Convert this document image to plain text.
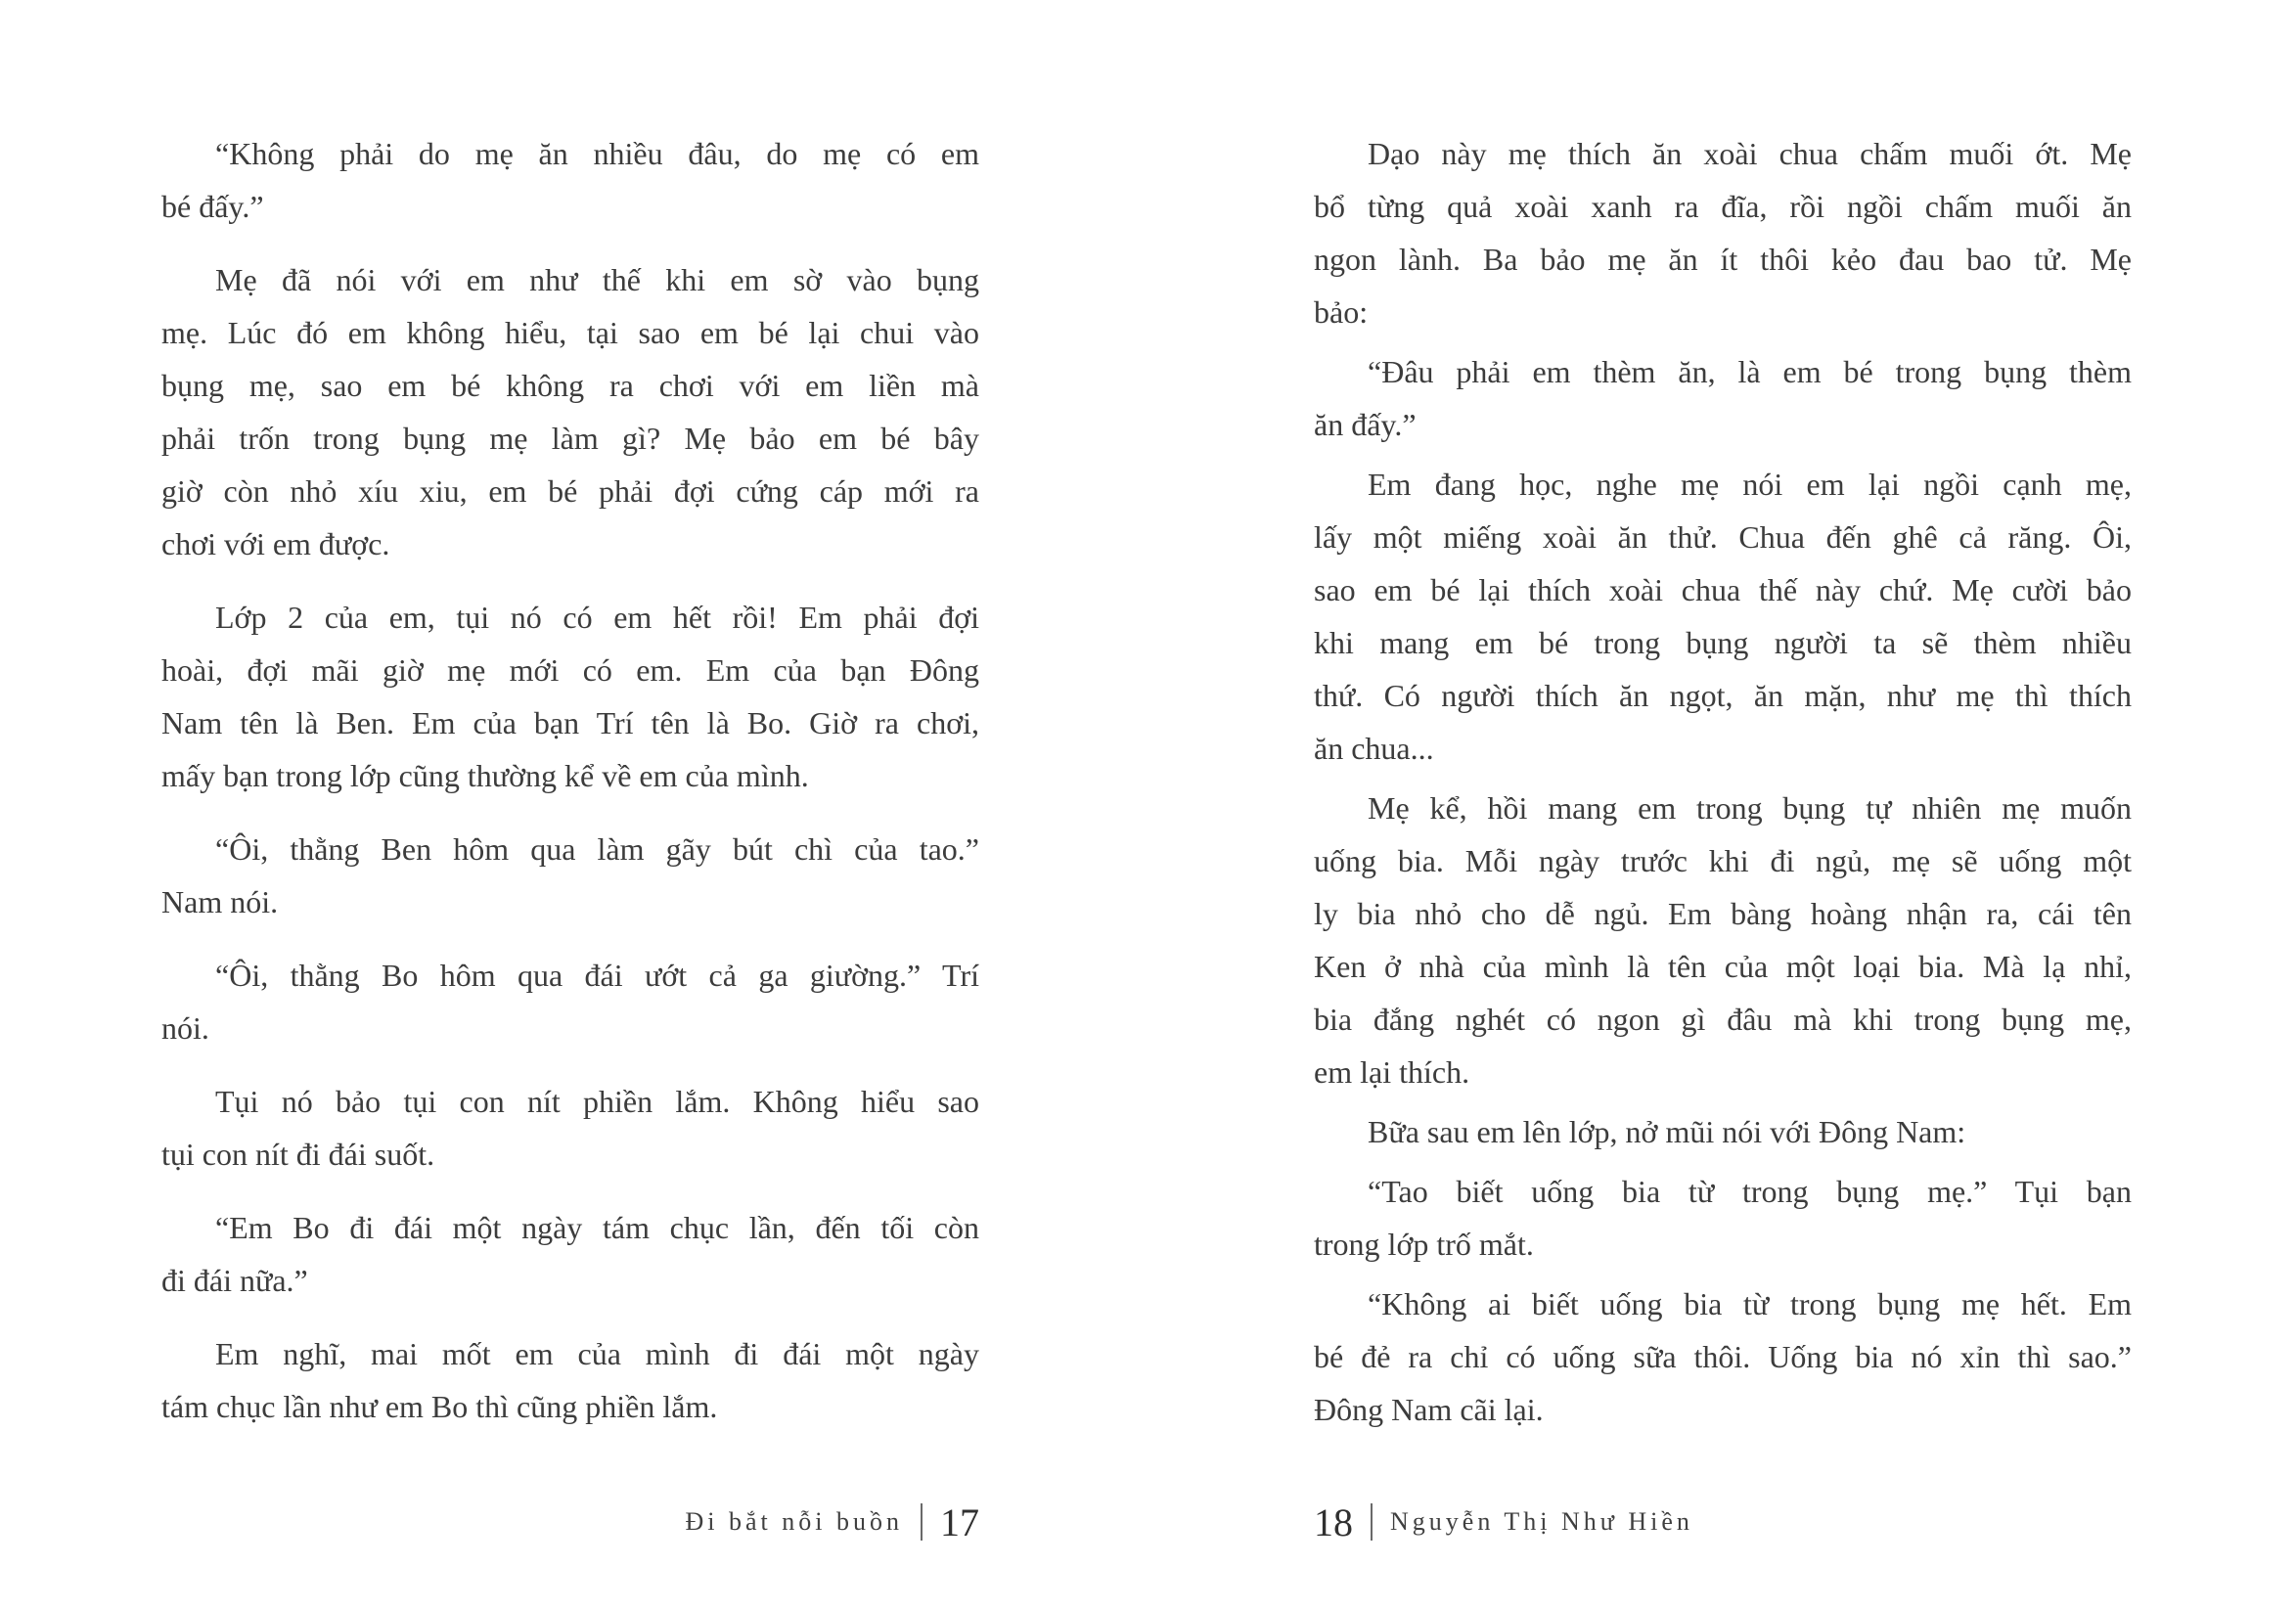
“Không phải do mẹ ăn nhiều đâu, do mẹ có em
bé đấy.”
Mẹ đã nói với em như thế khi em sờ vào bụng
mẹ. Lúc đó em không hiểu, tại sao em bé lại chui vào
bụng mẹ, sao em bé không ra chơi với em liền mà
phải trốn trong bụng mẹ làm gì? Mẹ bảo em bé bây
giờ còn nhỏ xíu xiu, em bé phải đợi cứng cáp mới ra
chơi với em được.
Lớp 2 của em, tụi nó có em hết rồi! Em phải đợi
hoài, đợi mãi giờ mẹ mới có em. Em của bạn Đông
Nam tên là Ben. Em của bạn Trí tên là Bo. Giờ ra chơi,
mấy bạn trong lớp cũng thường kể về em của mình.
“Ôi, thằng Ben hôm qua làm gãy bút chì của tao.”
Nam nói.
“Ôi, thằng Bo hôm qua đái ướt cả ga giường.” Trí
nói.
Tụi nó bảo tụi con nít phiền lắm. Không hiểu sao
tụi con nít đi đái suốt.
“Em Bo đi đái một ngày tám chục lần, đến tối còn
đi đái nữa.”
Em nghĩ, mai mốt em của mình đi đái một ngày
tám chục lần như em Bo thì cũng phiền lắm.
Dạo này mẹ thích ăn xoài chua chấm muối ớt. Mẹ
bổ từng quả xoài xanh ra đĩa, rồi ngồi chấm muối ăn
ngon lành. Ba bảo mẹ ăn ít thôi kẻo đau bao tử. Mẹ
bảo:
“Đâu phải em thèm ăn, là em bé trong bụng thèm
ăn đấy.”
Em đang học, nghe mẹ nói em lại ngồi cạnh mẹ,
lấy một miếng xoài ăn thử. Chua đến ghê cả răng. Ôi,
sao em bé lại thích xoài chua thế này chứ. Mẹ cười bảo
khi mang em bé trong bụng người ta sẽ thèm nhiều
thứ. Có người thích ăn ngọt, ăn mặn, như mẹ thì thích
ăn chua...
Mẹ kể, hồi mang em trong bụng tự nhiên mẹ muốn
uống bia. Mỗi ngày trước khi đi ngủ, mẹ sẽ uống một
ly bia nhỏ cho dễ ngủ. Em bàng hoàng nhận ra, cái tên
Ken ở nhà của mình là tên của một loại bia. Mà lạ nhỉ,
bia đắng nghét có ngon gì đâu mà khi trong bụng mẹ,
em lại thích.
Bữa sau em lên lớp, nở mũi nói với Đông Nam:
“Tao biết uống bia từ trong bụng mẹ.” Tụi bạn
trong lớp trố mắt.
“Không ai biết uống bia từ trong bụng mẹ hết. Em
bé đẻ ra chỉ có uống sữa thôi. Uống bia nó xỉn thì sao.”
Đông Nam cãi lại.
Đi bắt nỗi buồn 17	18 Nguyễn Thị Như Hiền
